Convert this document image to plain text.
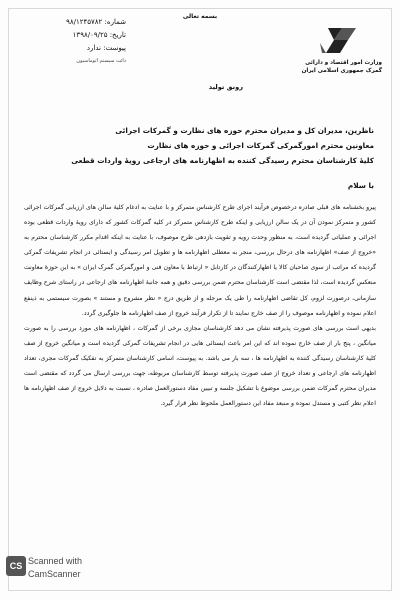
بسمه تعالی
شماره: ۹۸/۱۲۴۵۷۸۲
تاریخ: ۱۳۹۸/۰۹/۲۵
پیوست: ندارد
دائت سیستم اتوماسیون	وزارت امور اقتصاد و دارائی
گمرک جمهوری اسلامی ایران
رونق تولید
ناظرین، مدیران کل و مدیران محترم حوزه های نظارت و گمرکات اجرائی
معاونین محترم امورگمرکی گمرکات اجرائی و حوزه های نظارت
کلیهٔ کارشناسان محترم رسیدگی کننده به اظهارنامه های ارجاعی رویهٔ واردات قطعی
با سلام

پیرو بخشنامه های قبلی صادره درخصوص فرآیند اجرای طرح کارشناس متمرکز و با عنایت به ادغام کلیهٔ سالن های ارزیابی گمرکات اجرائی کشور و متمرکز نمودن آن در یک سالن ارزیابی و اینکه طرح کارشناس متمرکز در کلیه گمرکات کشور که دارای رویهٔ واردات قطعی بوده اجرائی و عملیاتی گردیده است، به منظور وحدت رویه و تقویت بازدهی طرح موصوف، با عنایت به اینکه اقدام مکرر کارشناسان محترم به «خروج از صف» اظهارنامه های درحال بررسی، منجر به معطلی اظهارنامه ها و تطویل امر رسیدگی و ایستائی در انجام تشریفات گمرکی گردیده که مراتب از سوی صاحبان کالا یا اظهارکنندگان در کارتابل « ارتباط با معاون فنی و امورگمرکی گمرک ایران » به این حوزهٔ معاونت منعکس گردیده است، لذا مقتضی است کارشناسان محترم ضمن بررسی دقیق و همه جانبهٔ اظهارنامه های ارجاعی در راستای شرح وظایف سازمانی، درصورت لزوم، کل تقاضی اظهارنامه را طی یک مرحله و از طریق درج « نظر مشروح و مستند » بصورت سیستمی به ذینفع اعلام نموده و اظهارنامه موصوف را از صف خارج نمایند تا از تکرار فرآیند خروج از صف اظهارنامه ها جلوگیری گردد.

بدیهی است بررسی های صورت پذیرفته نشان می دهد کارشناسان مجازی برخی از گمرکات ، اظهارنامه های مورد بررسی را به صورت میانگین ، پنج بار از صف خارج نموده اند که این امر باعث ایستائی هایی در انجام تشریفات گمرکی گردیده است و میانگین خروج از صف کلیهٔ کارشناسان رسیدگی کننده به اظهارنامه ها ، سه بار می باشد. به پیوست، اسامی کارشناسان متمرکز به تفکیک گمرکات مجری، تعداد اظهارنامه های ارجاعی و تعداد خروج از صف صورت پذیرفته توسط کارشناسان مربوطه، جهت بررسی ارسال می گردد که مقتضی است مدیران محترم گمرکات ضمن بررسی موضوع با تشکیل جلسه و تبیین مفاد دستورالعمل صادره ، نسبت به دلایل خروج از صف اظهارنامه ها اعلام نظر کتبی و مستدل نموده و منبعد مفاد این دستورالعمل ملحوظ نظر قرار گیرد.

CS Scanned with
CamScanner
